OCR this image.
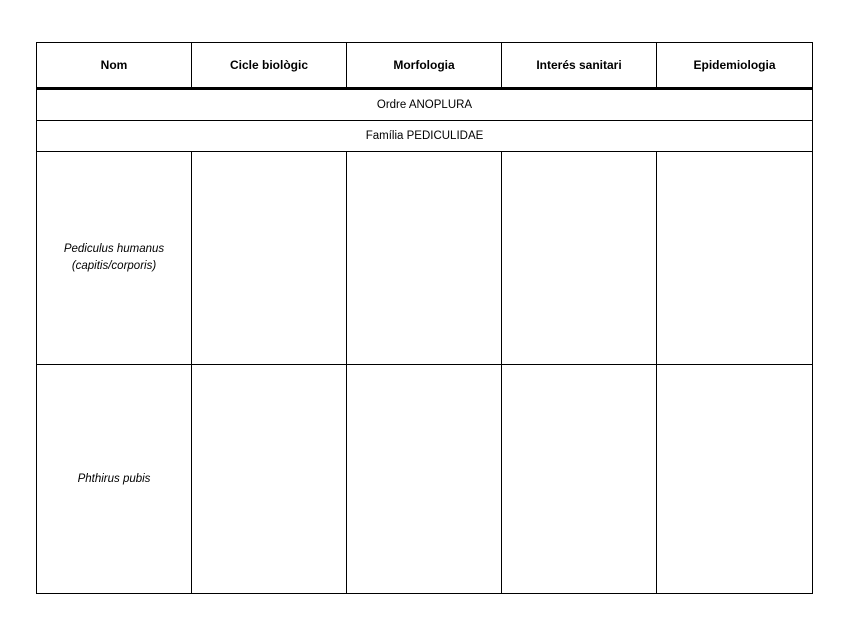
Nom	Cicle biològic	Morfologia	Interés sanitari	Epidemiologia
Ordre ANOPLURA				
Família PEDICULIDAE				

Pediculus humanus
(capitis/corporis)				

Phthirus pubis				
